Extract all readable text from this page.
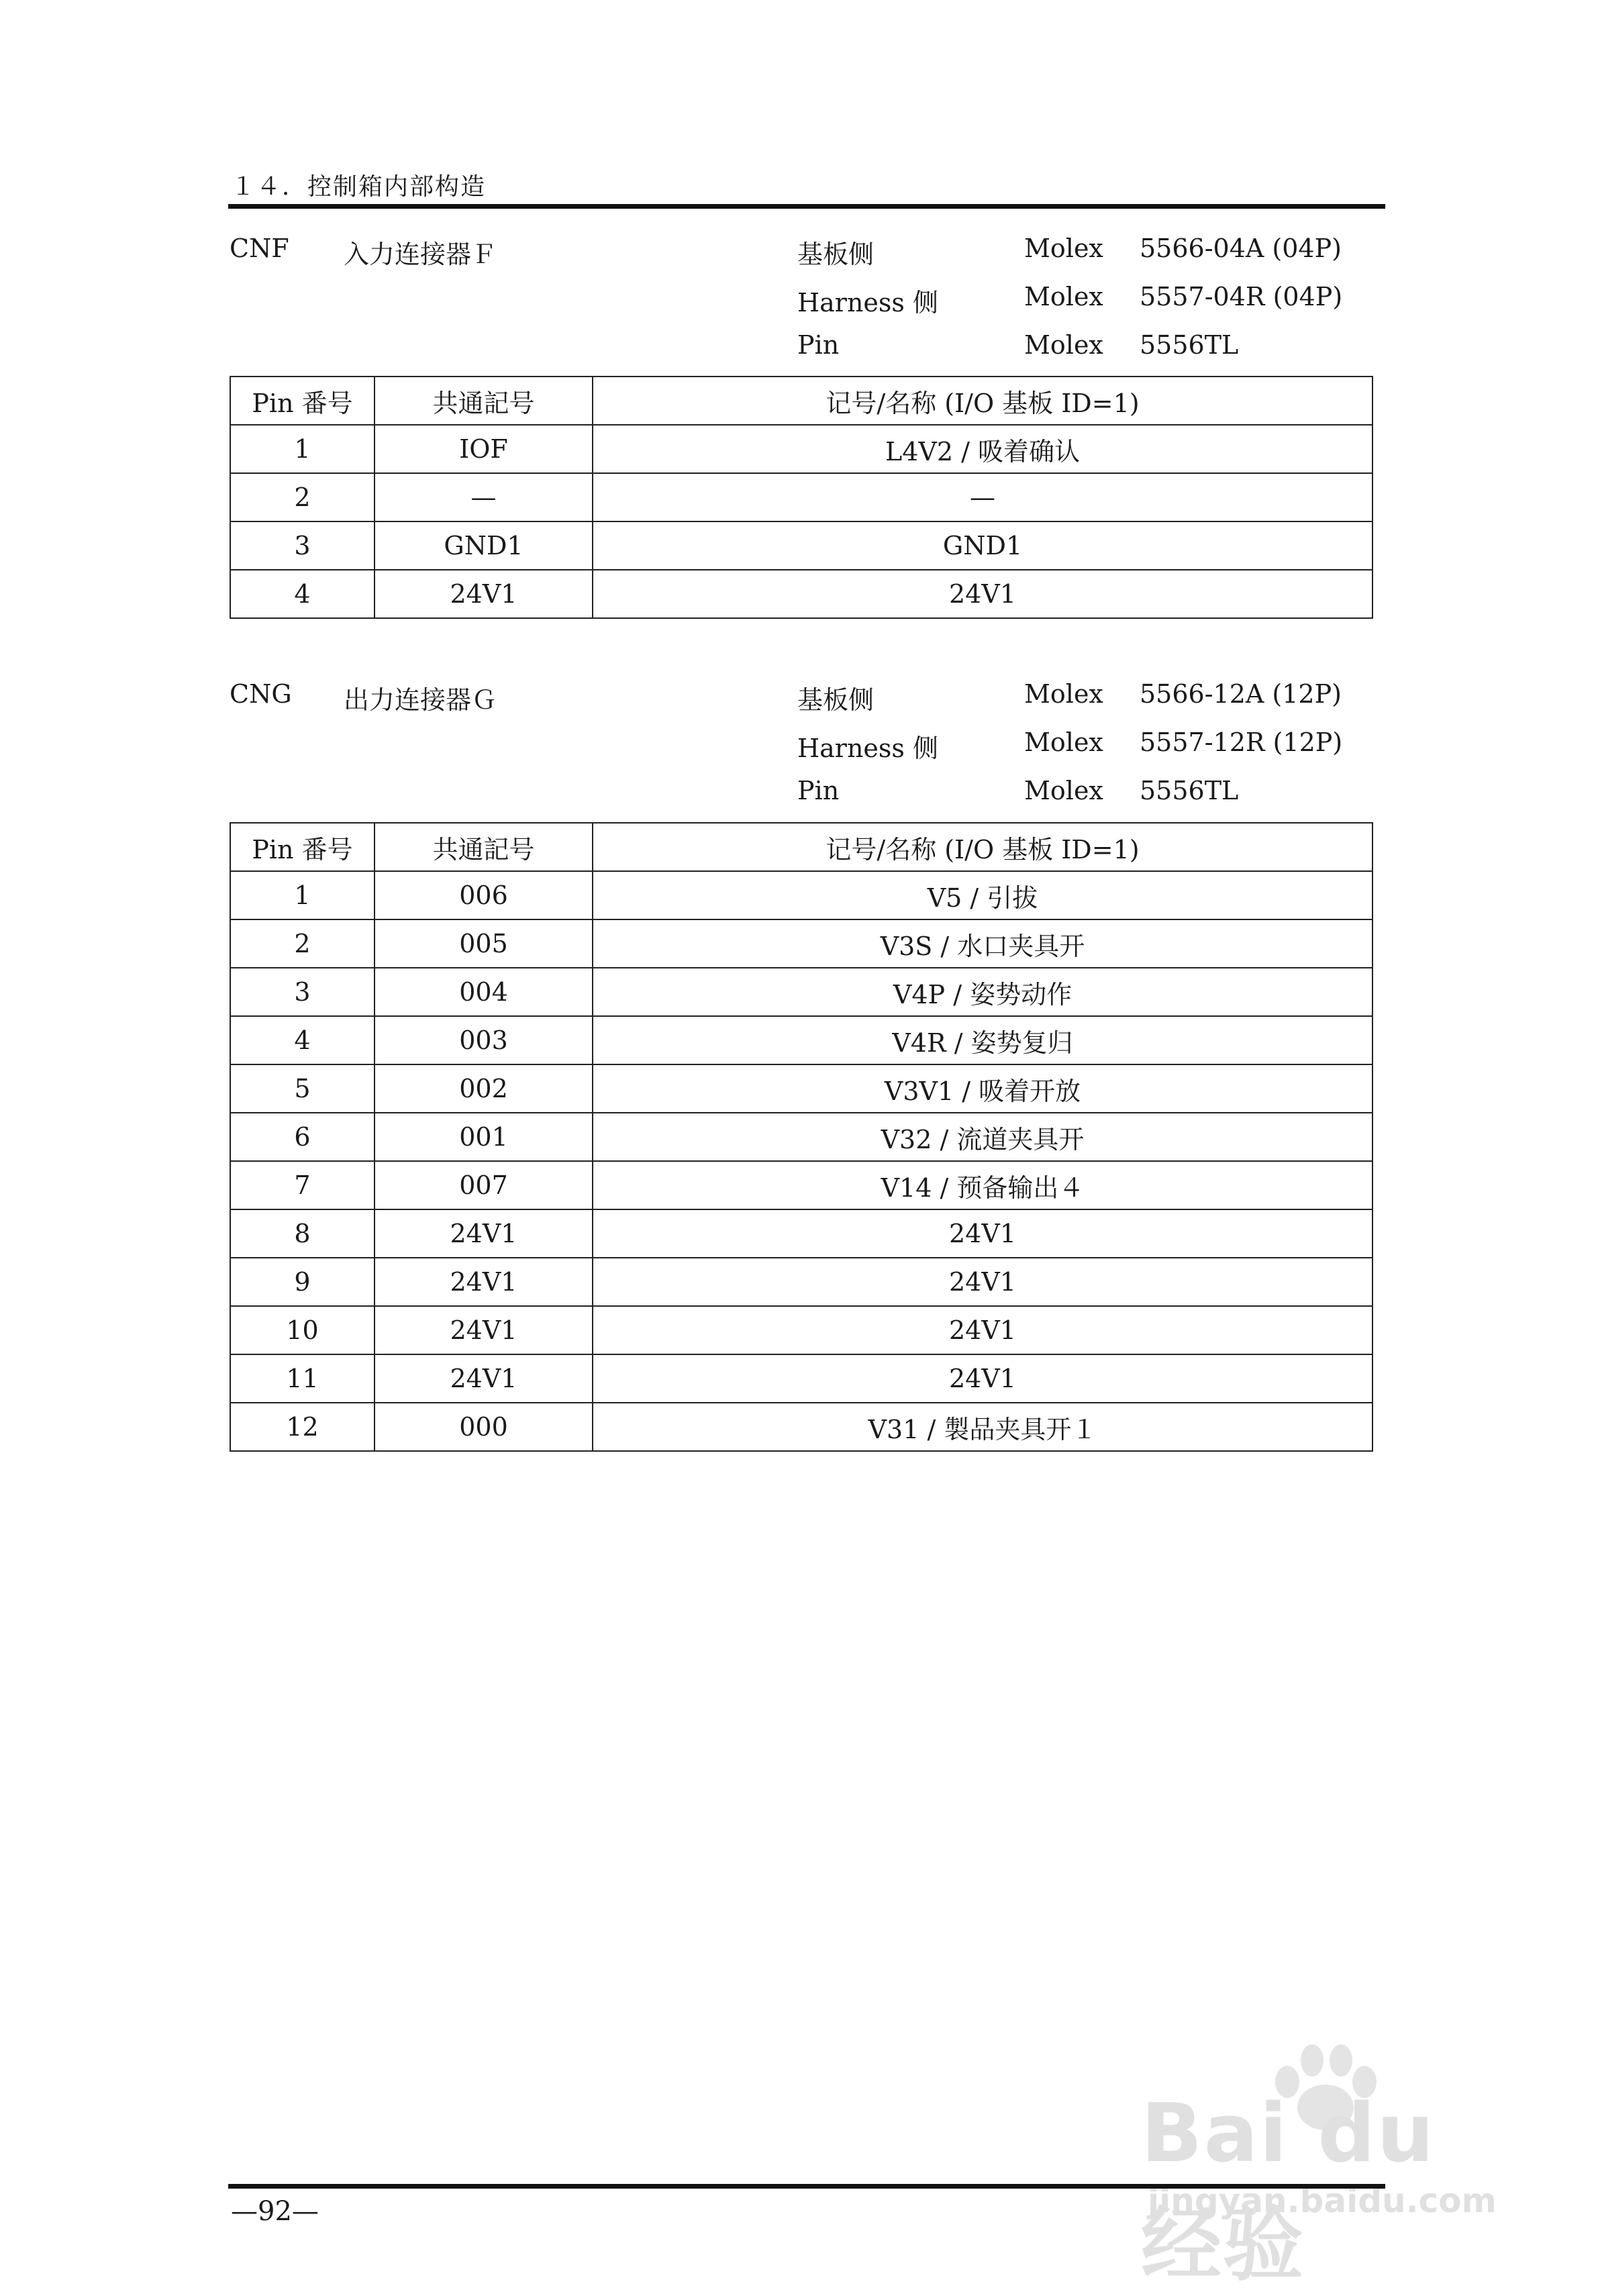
１４．控制箱内部构造
CNF 入力连接器Ｆ	基板侧	Molex 5566-04A (04P)
Harness 侧	Molex 5557-04R (04P)
Pin	Molex 5556TL
Pin 番号	共通記号	记号/名称 (I/O 基板 ID=1)
1	IOF	L4V2 / 吸着确认
2	—	—
3	GND1	GND1
4	24V1	24V1
CNG 出力连接器Ｇ	基板侧	Molex 5566-12A (12P)
Harness 侧	Molex 5557-12R (12P)
Pin	Molex 5556TL
Pin 番号	共通記号	记号/名称 (I/O 基板 ID=1)
1	006	V5 / 引拔
2	005	V3S / 水口夹具开
3	004	V4P / 姿势动作
4	003	V4R / 姿势复归
5	002	V3V1 / 吸着开放
6	001	V32 / 流道夹具开
7	007	V14 / 预备输出４
8	24V1	24V1
9	24V1	24V1
10	24V1	24V1
11	24V1	24V1
12	000	V31 / 製品夹具开１
Bai du 经验
jingyan.baidu.com
—92—
